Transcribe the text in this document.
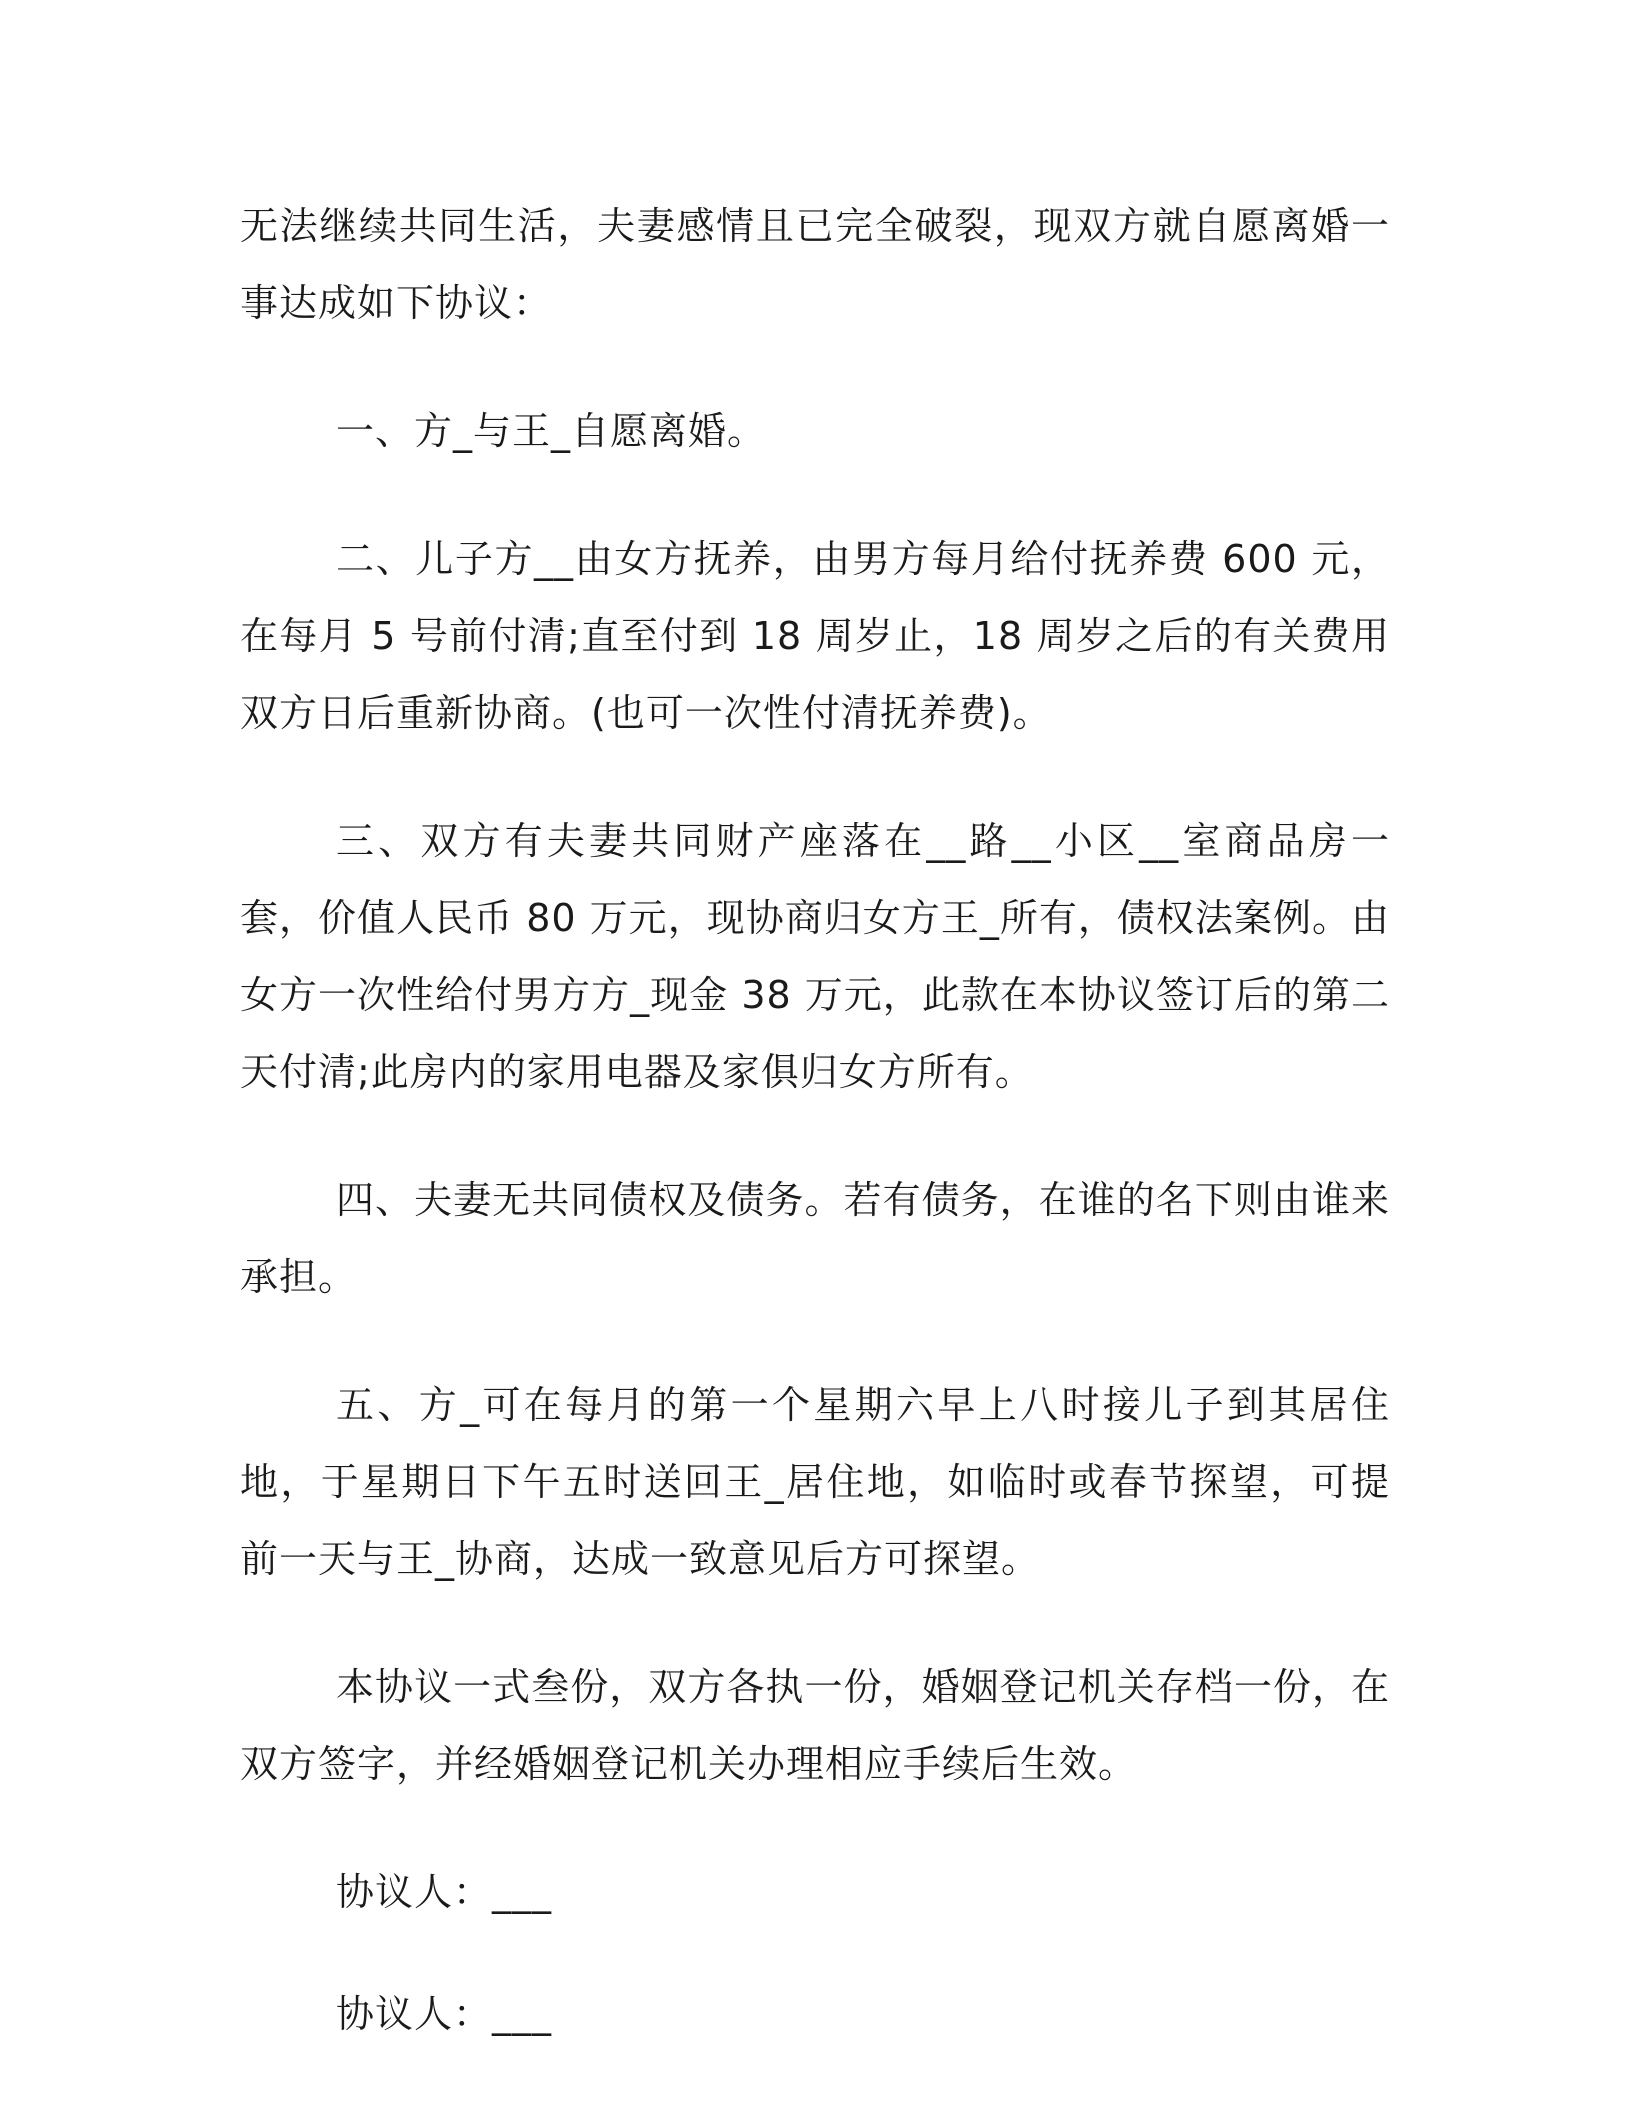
无法继续共同生活，夫妻感情且已完全破裂，现双方就自愿离婚一事达成如下协议：

一、方_与王_自愿离婚。

二、儿子方__由女方抚养，由男方每月给付抚养费 600 元，在每月 5 号前付清;直至付到 18 周岁止，18 周岁之后的有关费用双方日后重新协商。(也可一次性付清抚养费)。

三、双方有夫妻共同财产座落在__路__小区__室商品房一套，价值人民币 80 万元，现协商归女方王_所有，债权法案例。由女方一次性给付男方方_现金 38 万元，此款在本协议签订后的第二天付清;此房内的家用电器及家俱归女方所有。

四、夫妻无共同债权及债务。若有债务，在谁的名下则由谁来承担。

五、方_可在每月的第一个星期六早上八时接儿子到其居住地，于星期日下午五时送回王_居住地，如临时或春节探望，可提前一天与王_协商，达成一致意见后方可探望。

本协议一式叁份，双方各执一份，婚姻登记机关存档一份，在双方签字，并经婚姻登记机关办理相应手续后生效。

协议人：___

协议人：___
